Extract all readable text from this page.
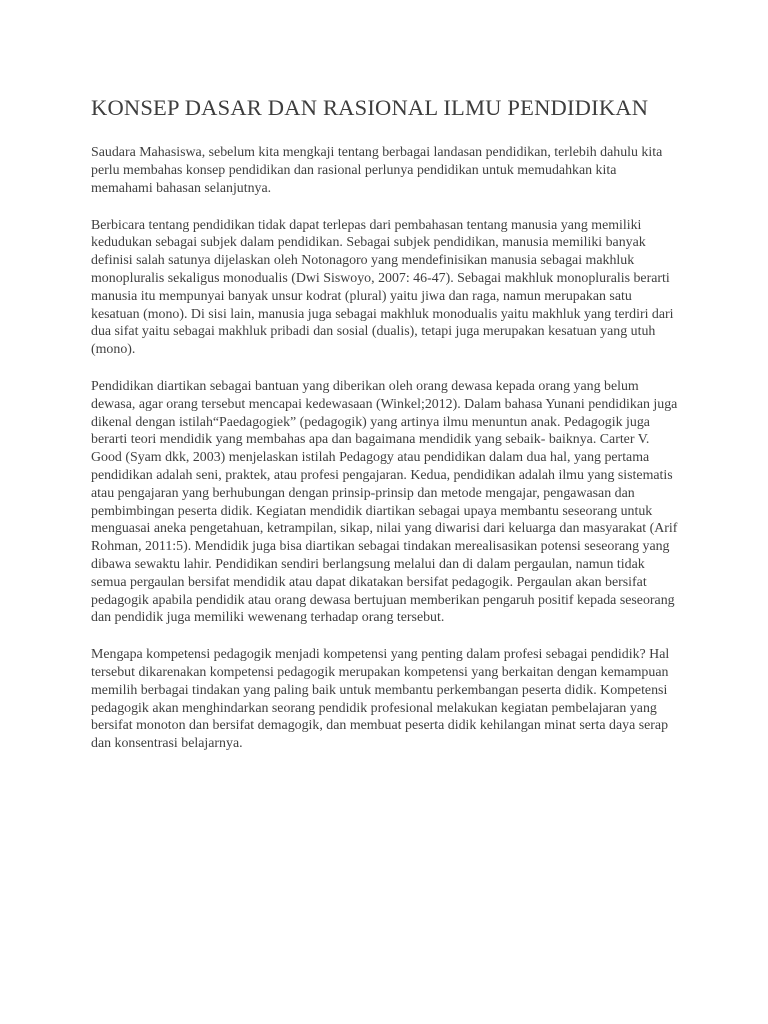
KONSEP DASAR DAN RASIONAL ILMU PENDIDIKAN

Saudara Mahasiswa, sebelum kita mengkaji tentang berbagai landasan pendidikan, terlebih dahulu kita perlu membahas konsep pendidikan dan rasional perlunya pendidikan untuk memudahkan kita memahami bahasan selanjutnya.

Berbicara tentang pendidikan tidak dapat terlepas dari pembahasan tentang manusia yang memiliki kedudukan sebagai subjek dalam pendidikan. Sebagai subjek pendidikan, manusia memiliki banyak definisi salah satunya dijelaskan oleh Notonagoro yang mendefinisikan manusia sebagai makhluk monopluralis sekaligus monodualis (Dwi Siswoyo, 2007: 46-47). Sebagai makhluk monopluralis berarti manusia itu mempunyai banyak unsur kodrat (plural) yaitu jiwa dan raga, namun merupakan satu kesatuan (mono). Di sisi lain, manusia juga sebagai makhluk monodualis yaitu makhluk yang terdiri dari dua sifat yaitu sebagai makhluk pribadi dan sosial (dualis), tetapi juga merupakan kesatuan yang utuh (mono).

Pendidikan diartikan sebagai bantuan yang diberikan oleh orang dewasa kepada orang yang belum dewasa, agar orang tersebut mencapai kedewasaan (Winkel;2012). Dalam bahasa Yunani pendidikan juga dikenal dengan istilah“Paedagogiek” (pedagogik) yang artinya ilmu menuntun anak. Pedagogik juga berarti teori mendidik yang membahas apa dan bagaimana mendidik yang sebaik- baiknya. Carter V. Good (Syam dkk, 2003) menjelaskan istilah Pedagogy atau pendidikan dalam dua hal, yang pertama pendidikan adalah seni, praktek, atau profesi pengajaran. Kedua, pendidikan adalah ilmu yang sistematis atau pengajaran yang berhubungan dengan prinsip-prinsip dan metode mengajar, pengawasan dan pembimbingan peserta didik. Kegiatan mendidik diartikan sebagai upaya membantu seseorang untuk menguasai aneka pengetahuan, ketrampilan, sikap, nilai yang diwarisi dari keluarga dan masyarakat (Arif Rohman, 2011:5). Mendidik juga bisa diartikan sebagai tindakan merealisasikan potensi seseorang yang dibawa sewaktu lahir. Pendidikan sendiri berlangsung melalui dan di dalam pergaulan, namun tidak semua pergaulan bersifat mendidik atau dapat dikatakan bersifat pedagogik. Pergaulan akan bersifat pedagogik apabila pendidik atau orang dewasa bertujuan memberikan pengaruh positif kepada seseorang dan pendidik juga memiliki wewenang terhadap orang tersebut.

Mengapa kompetensi pedagogik menjadi kompetensi yang penting dalam profesi sebagai pendidik? Hal tersebut dikarenakan kompetensi pedagogik merupakan kompetensi yang berkaitan dengan kemampuan memilih berbagai tindakan yang paling baik untuk membantu perkembangan peserta didik. Kompetensi pedagogik akan menghindarkan seorang pendidik profesional melakukan kegiatan pembelajaran yang bersifat monoton dan bersifat demagogik, dan membuat peserta didik kehilangan minat serta daya serap dan konsentrasi belajarnya.
